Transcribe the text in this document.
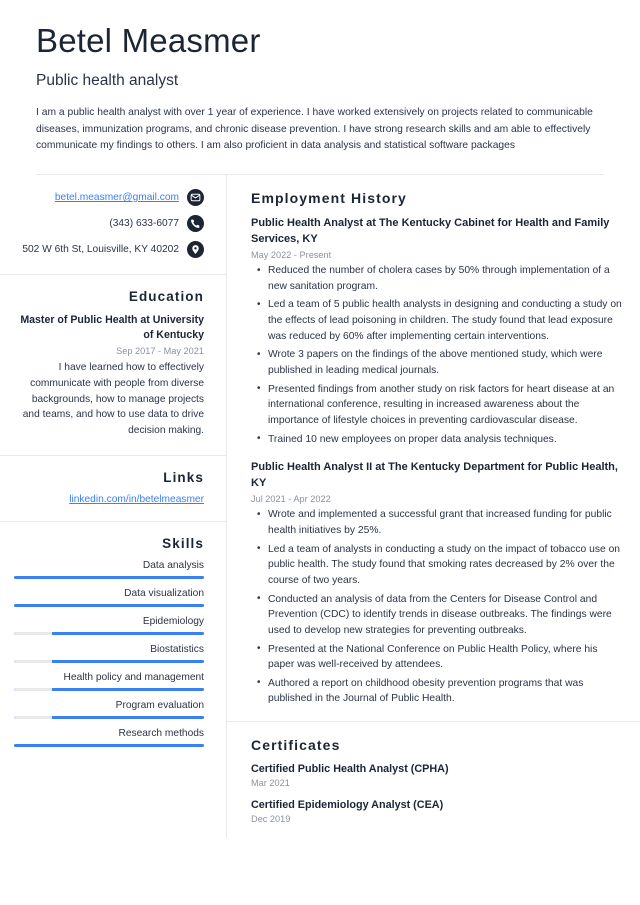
Betel Measmer
Public health analyst
I am a public health analyst with over 1 year of experience. I have worked extensively on projects related to communicable diseases, immunization programs, and chronic disease prevention. I have strong research skills and am able to effectively communicate my findings to others. I am also proficient in data analysis and statistical software packages
betel.measmer@gmail.com
(343) 633-6077
502 W 6th St, Louisville, KY 40202
Education
Master of Public Health at University of Kentucky
Sep 2017 - May 2021
I have learned how to effectively communicate with people from diverse backgrounds, how to manage projects and teams, and how to use data to drive decision making.
Links
linkedin.com/in/betelmeasmer
Skills
Data analysis
Data visualization
Epidemiology
Biostatistics
Health policy and management
Program evaluation
Research methods
Employment History
Public Health Analyst at The Kentucky Cabinet for Health and Family Services, KY
May 2022 - Present
• Reduced the number of cholera cases by 50% through implementation of a new sanitation program.
• Led a team of 5 public health analysts in designing and conducting a study on the effects of lead poisoning in children. The study found that lead exposure was reduced by 60% after implementing certain interventions.
• Wrote 3 papers on the findings of the above mentioned study, which were published in leading medical journals.
• Presented findings from another study on risk factors for heart disease at an international conference, resulting in increased awareness about the importance of lifestyle choices in preventing cardiovascular disease.
• Trained 10 new employees on proper data analysis techniques.
Public Health Analyst II at The Kentucky Department for Public Health, KY
Jul 2021 - Apr 2022
• Wrote and implemented a successful grant that increased funding for public health initiatives by 25%.
• Led a team of analysts in conducting a study on the impact of tobacco use on public health. The study found that smoking rates decreased by 2% over the course of two years.
• Conducted an analysis of data from the Centers for Disease Control and Prevention (CDC) to identify trends in disease outbreaks. The findings were used to develop new strategies for preventing outbreaks.
• Presented at the National Conference on Public Health Policy, where his paper was well-received by attendees.
• Authored a report on childhood obesity prevention programs that was published in the Journal of Public Health.
Certificates
Certified Public Health Analyst (CPHA)
Mar 2021
Certified Epidemiology Analyst (CEA)
Dec 2019
